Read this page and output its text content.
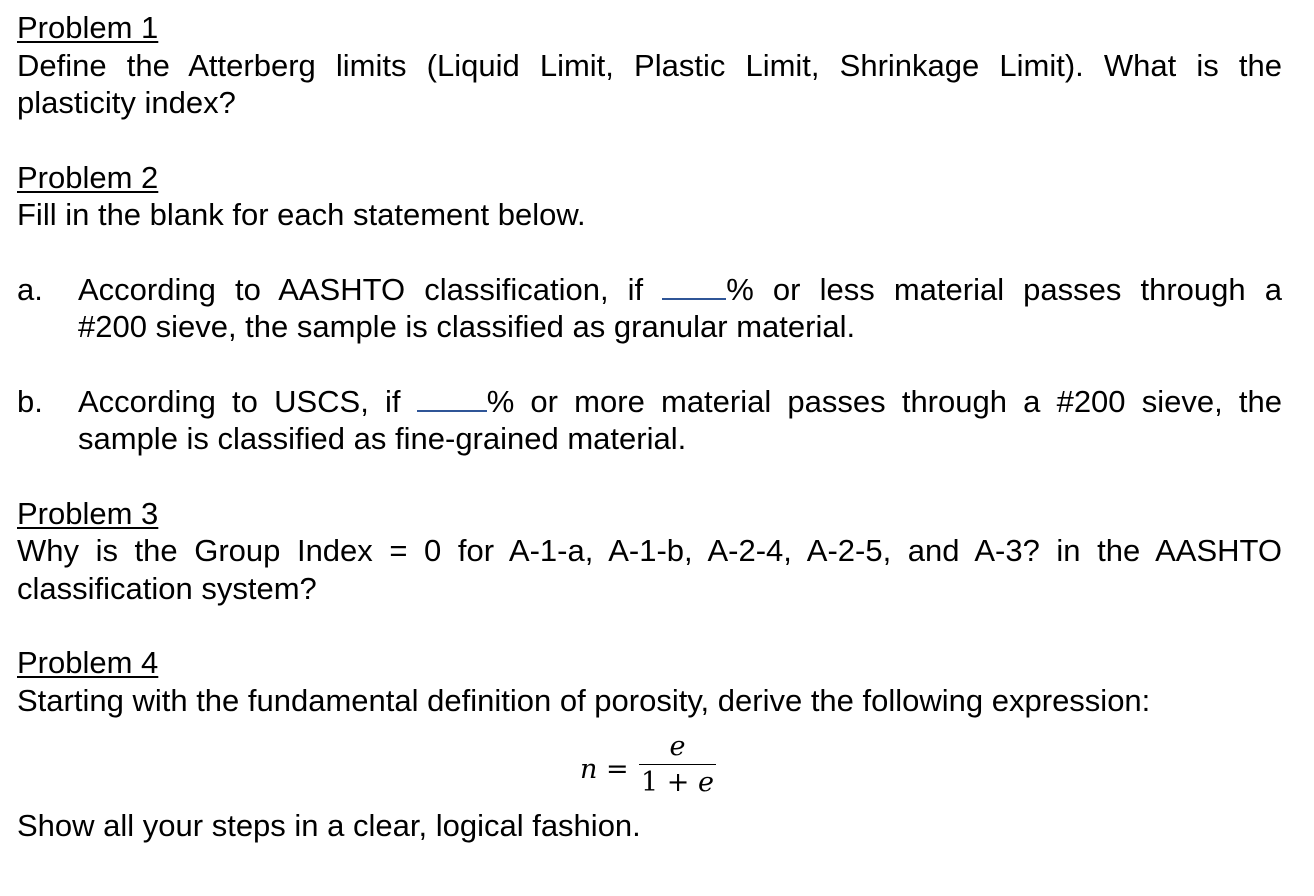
Problem 1
Define the Atterberg limits (Liquid Limit, Plastic Limit, Shrinkage Limit). What is the
plasticity index?
Problem 2
Fill in the blank for each statement below.
a. According to AASHTO classification, if	% or less material passes through a
#200 sieve, the sample is classified as granular material.
b. According to USCS, if	% or more material passes through a #200 sieve, the
sample is classified as fine-grained material.
Problem 3
Why is the Group Index = 0 for A-1-a, A-1-b, A-2-4, A-2-5, and A-3? in the AASHTO
classification system?
Problem 4
Starting with the fundamental definition of porosity, derive the following expression:
n =
e
1 + e
Show all your steps in a clear, logical fashion.
